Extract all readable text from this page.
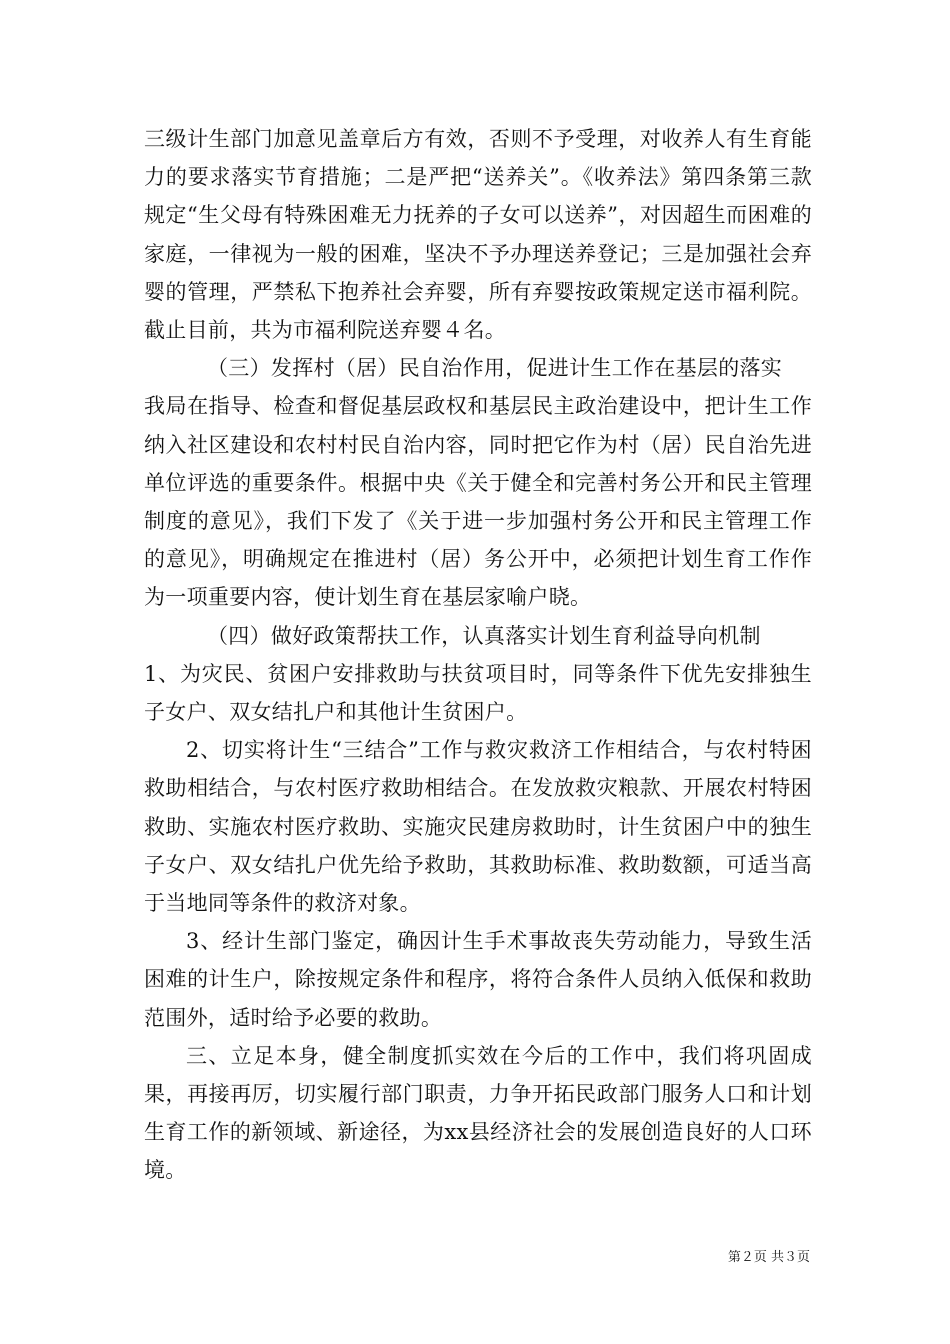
三级计生部门加意见盖章后方有效，否则不予受理，对收养人有生育能力的要求落实节育措施；二是严把“送养关”。《收养法》第四条第三款规定“生父母有特殊困难无力抚养的子女可以送养”，对因超生而困难的家庭，一律视为一般的困难，坚决不予办理送养登记；三是加强社会弃婴的管理，严禁私下抱养社会弃婴，所有弃婴按政策规定送市福利院。截止目前，共为市福利院送弃婴４名。

（三）发挥村（居）民自治作用，促进计生工作在基层的落实

我局在指导、检查和督促基层政权和基层民主政治建设中，把计生工作纳入社区建设和农村村民自治内容，同时把它作为村（居）民自治先进单位评选的重要条件。根据中央《关于健全和完善村务公开和民主管理制度的意见》，我们下发了《关于进一步加强村务公开和民主管理工作的意见》，明确规定在推进村（居）务公开中，必须把计划生育工作作为一项重要内容，使计划生育在基层家喻户晓。

（四）做好政策帮扶工作，认真落实计划生育利益导向机制

1、为灾民、贫困户安排救助与扶贫项目时，同等条件下优先安排独生子女户、双女结扎户和其他计生贫困户。

2、切实将计生“三结合”工作与救灾救济工作相结合，与农村特困救助相结合，与农村医疗救助相结合。在发放救灾粮款、开展农村特困救助、实施农村医疗救助、实施灾民建房救助时，计生贫困户中的独生子女户、双女结扎户优先给予救助，其救助标准、救助数额，可适当高于当地同等条件的救济对象。

3、经计生部门鉴定，确因计生手术事故丧失劳动能力，导致生活困难的计生户，除按规定条件和程序，将符合条件人员纳入低保和救助范围外，适时给予必要的救助。

三、立足本身，健全制度抓实效在今后的工作中，我们将巩固成果，再接再厉，切实履行部门职责，力争开拓民政部门服务人口和计划生育工作的新领域、新途径，为xx县经济社会的发展创造良好的人口环境。

第２页 共３页
